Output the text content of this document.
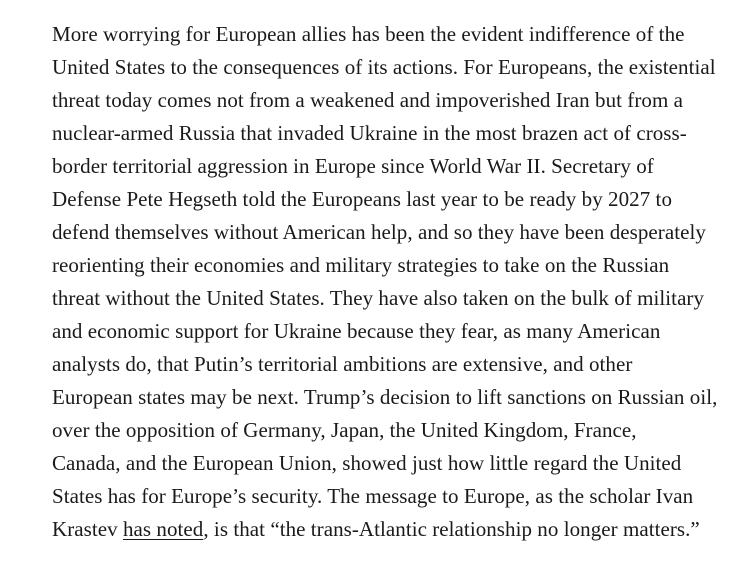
More worrying for European allies has been the evident indifference of the
United States to the consequences of its actions. For Europeans, the existential
threat today comes not from a weakened and impoverished Iran but from a
nuclear-armed Russia that invaded Ukraine in the most brazen act of cross-
border territorial aggression in Europe since World War II. Secretary of
Defense Pete Hegseth told the Europeans last year to be ready by 2027 to
defend themselves without American help, and so they have been desperately
reorienting their economies and military strategies to take on the Russian
threat without the United States. They have also taken on the bulk of military
and economic support for Ukraine because they fear, as many American
analysts do, that Putin’s territorial ambitions are extensive, and other
European states may be next. Trump’s decision to lift sanctions on Russian oil,
over the opposition of Germany, Japan, the United Kingdom, France,
Canada, and the European Union, showed just how little regard the United
States has for Europe’s security. The message to Europe, as the scholar Ivan
Krastev has noted, is that “the trans-Atlantic relationship no longer matters.”
